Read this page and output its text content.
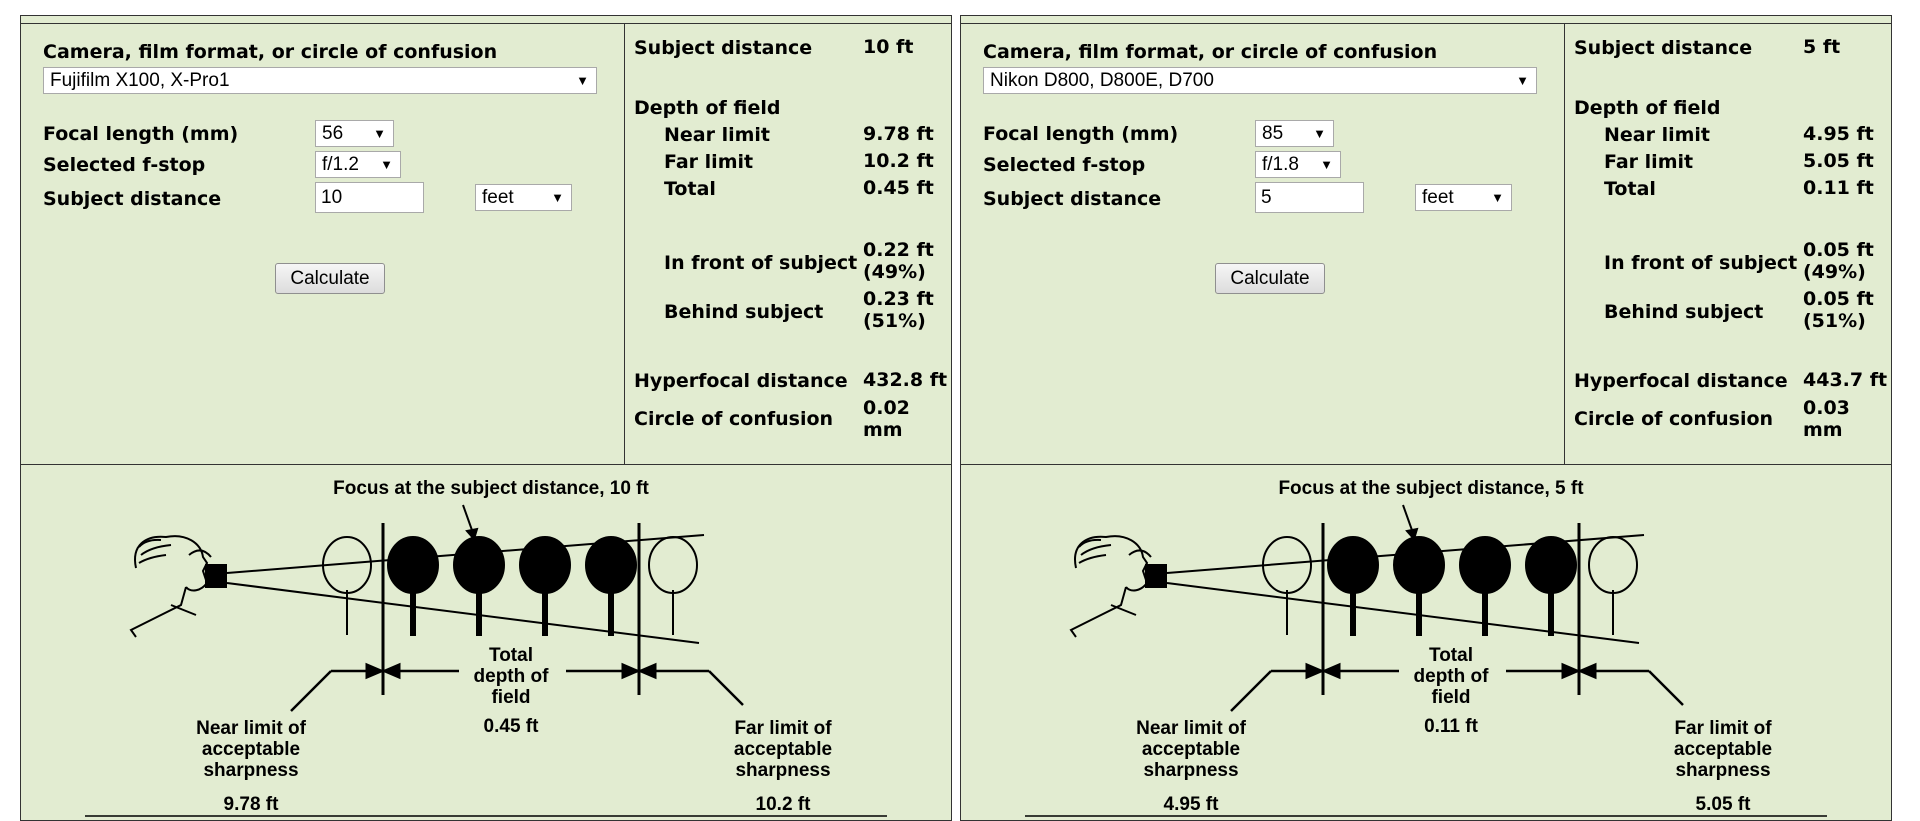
Camera, film format, or circle of confusion
Fujifilm X100, X-Pro1	▼
Focal length (mm)	56 ▼
Selected f-stop	f/1.2 ▼
Subject distance	10	feet	▼
Calculate
Subject distance	10 ft
Depth of field
Near limit	9.78 ft
Far limit	10.2 ft
Total	0.45 ft
In front of subject
0.22 ft
(49%)
Behind subject
0.23 ft
(51%)
Hyperfocal distance 432.8 ft
Circle of confusion 0.02
mm
Focus at the subject distance, 10 ft
Total
depth of
field
0.45 ft
Near limit of
acceptable
sharpness
9.78 ft
Far limit of
acceptable
sharpness
10.2 ft
Camera, film format, or circle of confusion
Nikon D800, D800E, D700	▼
Focal length (mm)	85 ▼
Selected f-stop	f/1.8 ▼
Subject distance	5	feet	▼
Calculate
Subject distance	5 ft
Depth of field
Near limit	4.95 ft
Far limit	5.05 ft
Total	0.11 ft
In front of subject
0.05 ft
(49%)
Behind subject
0.05 ft
(51%)
Hyperfocal distance 443.7 ft
Circle of confusion 0.03
mm
Focus at the subject distance, 5 ft
Total
depth of
field
0.11 ft
Near limit of
acceptable
sharpness
4.95 ft
Far limit of
acceptable
sharpness
5.05 ft
